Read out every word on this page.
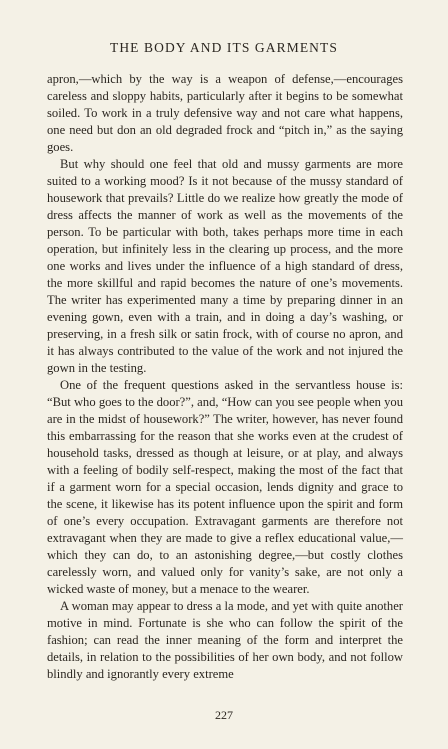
THE BODY AND ITS GARMENTS

apron,—which by the way is a weapon of defense,—encourages careless and sloppy habits, particularly after it begins to be somewhat soiled. To work in a truly defensive way and not care what happens, one need but don an old degraded frock and “pitch in,” as the saying goes.

But why should one feel that old and mussy garments are more suited to a working mood? Is it not because of the mussy standard of housework that prevails? Little do we realize how greatly the mode of dress affects the manner of work as well as the movements of the person. To be particular with both, takes perhaps more time in each operation, but infinitely less in the clearing up process, and the more one works and lives under the influence of a high standard of dress, the more skillful and rapid becomes the nature of one’s movements. The writer has experimented many a time by preparing dinner in an evening gown, even with a train, and in doing a day’s washing, or preserving, in a fresh silk or satin frock, with of course no apron, and it has always contributed to the value of the work and not injured the gown in the testing.

One of the frequent questions asked in the servantless house is: “But who goes to the door?”, and, “How can you see people when you are in the midst of housework?” The writer, however, has never found this embarrassing for the reason that she works even at the crudest of household tasks, dressed as though at leisure, or at play, and always with a feeling of bodily self-respect, making the most of the fact that if a garment worn for a special occasion, lends dignity and grace to the scene, it likewise has its potent influence upon the spirit and form of one’s every occupation. Extravagant garments are therefore not extravagant when they are made to give a reflex educational value,—which they can do, to an astonishing degree,—but costly clothes carelessly worn, and valued only for vanity’s sake, are not only a wicked waste of money, but a menace to the wearer.

A woman may appear to dress a la mode, and yet with quite another motive in mind. Fortunate is she who can follow the spirit of the fashion; can read the inner meaning of the form and interpret the details, in relation to the possibilities of her own body, and not follow blindly and ignorantly every extreme

227
